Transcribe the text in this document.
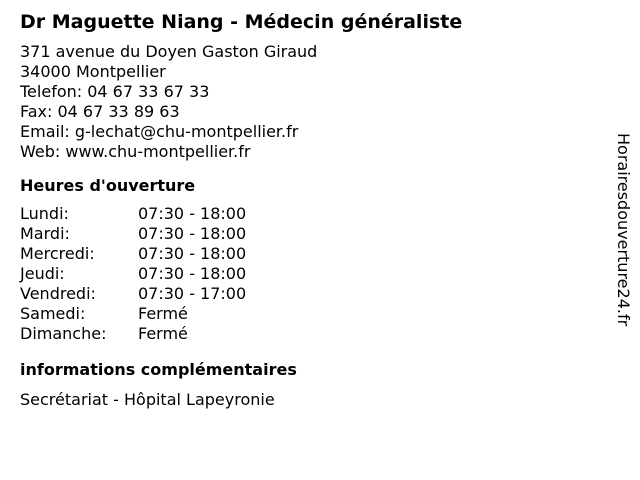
Dr Maguette Niang - Médecin généraliste
371 avenue du Doyen Gaston Giraud
34000 Montpellier
Telefon: 04 67 33 67 33
Fax: 04 67 33 89 63
Email: g-lechat@chu-montpellier.fr
Web: www.chu-montpellier.fr
Heures d'ouverture
Lundi:	07:30 - 18:00
Mardi:	07:30 - 18:00
Mercredi:	07:30 - 18:00
Jeudi:	07:30 - 18:00
Vendredi:	07:30 - 17:00
Samedi:	Fermé
Dimanche:	Fermé
informations complémentaires
Secrétariat - Hôpital Lapeyronie
Horairesdouverture24.fr
